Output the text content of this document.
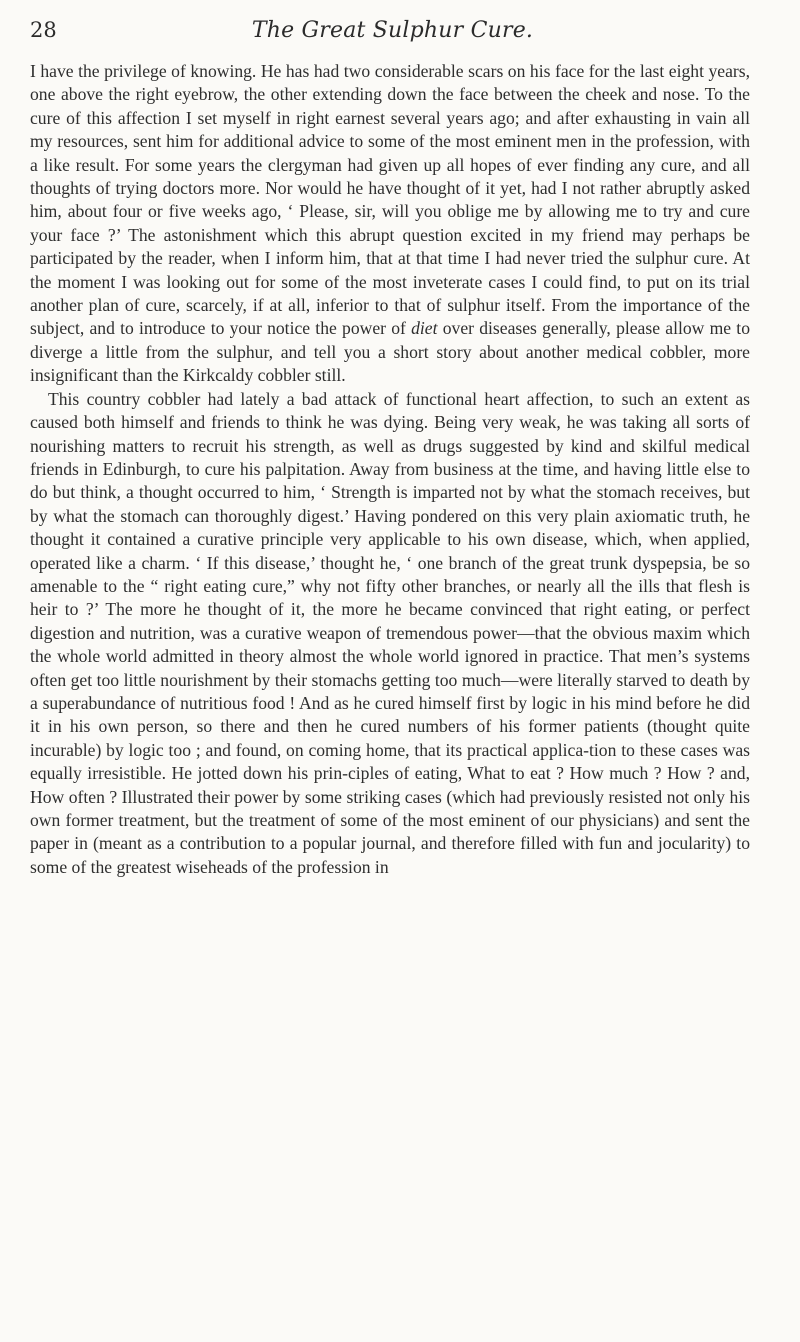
28	The Great Sulphur Cure.

I have the privilege of knowing. He has had two considerable scars on his face for the last eight years, one above the right eyebrow, the other extending down the face between the cheek and nose. To the cure of this affection I set myself in right earnest several years ago; and after exhausting in vain all my resources, sent him for additional advice to some of the most eminent men in the profession, with a like result. For some years the clergyman had given up all hopes of ever finding any cure, and all thoughts of trying doctors more. Nor would he have thought of it yet, had I not rather abruptly asked him, about four or five weeks ago, ‘ Please, sir, will you oblige me by allowing me to try and cure your face ?’ The astonishment which this abrupt question excited in my friend may perhaps be participated by the reader, when I inform him, that at that time I had never tried the sulphur cure. At the moment I was looking out for some of the most inveterate cases I could find, to put on its trial another plan of cure, scarcely, if at all, inferior to that of sulphur itself. From the importance of the subject, and to introduce to your notice the power of diet over diseases generally, please allow me to diverge a little from the sulphur, and tell you a short story about another medical cobbler, more insignificant than the Kirkcaldy cobbler still.

This country cobbler had lately a bad attack of functional heart affection, to such an extent as caused both himself and friends to think he was dying. Being very weak, he was taking all sorts of nourishing matters to recruit his strength, as well as drugs suggested by kind and skilful medical friends in Edinburgh, to cure his palpitation. Away from business at the time, and having little else to do but think, a thought occurred to him, ‘ Strength is imparted not by what the stomach receives, but by what the stomach can thoroughly digest.’ Having pondered on this very plain axiomatic truth, he thought it contained a curative principle very applicable to his own disease, which, when applied, operated like a charm. ‘ If this disease,’ thought he, ‘ one branch of the great trunk dyspepsia, be so amenable to the “ right eating cure,” why not fifty other branches, or nearly all the ills that flesh is heir to ?’ The more he thought of it, the more he became convinced that right eating, or perfect digestion and nutrition, was a curative weapon of tremendous power—that the obvious maxim which the whole world admitted in theory almost the whole world ignored in practice. That men’s systems often get too little nourishment by their stomachs getting too much—were literally starved to death by a superabundance of nutritious food ! And as he cured himself first by logic in his mind before he did it in his own person, so there and then he cured numbers of his former patients (thought quite incurable) by logic too ; and found, on coming home, that its practical applica-tion to these cases was equally irresistible. He jotted down his prin-ciples of eating, What to eat ? How much ? How ? and, How often ? Illustrated their power by some striking cases (which had previously resisted not only his own former treatment, but the treatment of some of the most eminent of our physicians) and sent the paper in (meant as a contribution to a popular journal, and therefore filled with fun and jocularity) to some of the greatest wiseheads of the profession in
